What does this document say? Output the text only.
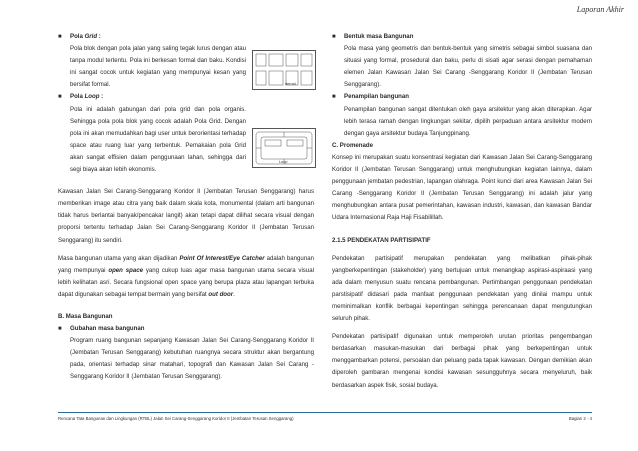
Laporan Akhir
■	Pola Grid :

Pola blok dengan pola jalan yang saling tegak lurus dengan atau tanpa modul tertentu. Pola ini berkesan formal dan baku. Kondisi ini sangat cocok untuk kegiatan yang mempunyai kesan yang bersifat formal.

■	Pola Loop :

Pola ini adalah gabungan dari pola grid dan pola organis. Sehingga pola pola blok yang cocok adalah Pola Grid. Dengan pola ini akan memudahkan bagi user untuk berorientasi terhadap space atau ruang luar yang terbentuk. Pemakaian pola Grid akan sangat effisien dalam penggunaan lahan, sehingga dari segi biaya akan lebih ekonomis.

Kawasan Jalan Sei Carang-Senggarang Koridor II (Jembatan Terusan Senggarang) harus memberikan image atau citra yang baik dalam skala kota, monumental (dalam arti bangunan tidak harus berlantai banyak/pencakar langit) akan tetapi dapat dilihat secara visual dengan proporsi tertentu terhadap Jalan Sei Carang-Senggarang Koridor II (Jembatan Terusan Senggarang) itu sendiri.

Masa bangunan utama yang akan dijadikan Point Of Interest/Eye Catcher adalah bangunan yang mempunyai open space yang cukup luas agar masa bangunan utama secara visual lebih kelihatan asri. Secara fungsional open space yang berupa plaza atau lapangan terbuka dapat digunakan sebagai tempat bermain yang bersifat out door.

B. Masa Bangunan
■	Gubahan masa bangunan

Program ruang bangunan sepanjang Kawasan Jalan Sei Carang-Senggarang Koridor II (Jembatan Terusan Senggarang) kebutuhan ruangnya secara struktur akan bergantung pada, orientasi terhadap sinar matahari, topografi dan Kawasan Jalan Sei Carang -Senggarang Koridor II (Jembatan Terusan Senggarang).

dernal
Loop
■	Bentuk masa Bangunan

Pola masa yang geometris dan bentuk-bentuk yang simetris sebagai simbol suasana dan situasi yang formal, prosedural dan baku, perlu di sisati agar serasi dengan pemahaman elemen Jalan Kawasan Jalan Sei Carang -Senggarang Koridor II (Jembatan Terusan Senggarang).

■	Penampilan bangunan

Penampilan bangunan sangat ditentukan oleh gaya arsitektur yang akan diterapkan. Agar lebih terasa ramah dengan lingkungan sekitar, dipilih perpaduan antara arsitektur modern dengan gaya arsitektur budaya Tanjungpinang.

C. Promenade

Konsep ini merupakan suatu konsentrasi kegiatan dari Kawasan Jalan Sei Carang-Senggarang Koridor II (Jembatan Terusan Senggarang) untuk menghubungkan kegiatan lainnya, dalam penggunaan jembatan pedestrian, lapangan olahraga. Point kunci dari area Kawasan Jalan Sei Carang -Senggarang Koridor II (Jembatan Terusan Senggarang) ini adalah jalur yang menghubungkan antara pusat pemerintahan, kawasan industri, kawasan, dan kawasan Bandar Udara Internasional Raja Haji Fisabilillah.

2.1.5 PENDEKATAN PARTISIPATIF

Pendekatan partisipatif merupakan pendekatan yang melibatkan pihak-pihak yangberkepentingan (stakeholder) yang bertujuan untuk menangkap aspirasi-aspiraasi yang ada dalam menyusun suatu rencana pembangunan. Pertimbangan penggunaan pendekatan parstisipatif didasari pada manfaat penggunaan pendekatan yang dinilai mampu untuk meminimalkan konflik berbagai kepentingan sehingga perencanaan dapat mengutungkan seluruh pihak.

Pendekatan partisipatif digunakan untuk memperoleh urutan prioritas pengembangan berdasarkan masukan-masukan dari berbagai pihak yang berkepentingan untuk menggambarkan potensi, persoalan dan peluang pada tapak kawasan. Dengan demikian akan diperoleh gambaran mengenai kondisi kawasan sesungguhnya secara menyeluruh, baik berdasarkan aspek fisik, sosial budaya.

Rencana Tata Bangunan dan Lingkungan (RTBL) Jalan Sei Carang-Senggarang Koridor II (Jembatan Terusan Senggarang)	Bagian 2 - 4
